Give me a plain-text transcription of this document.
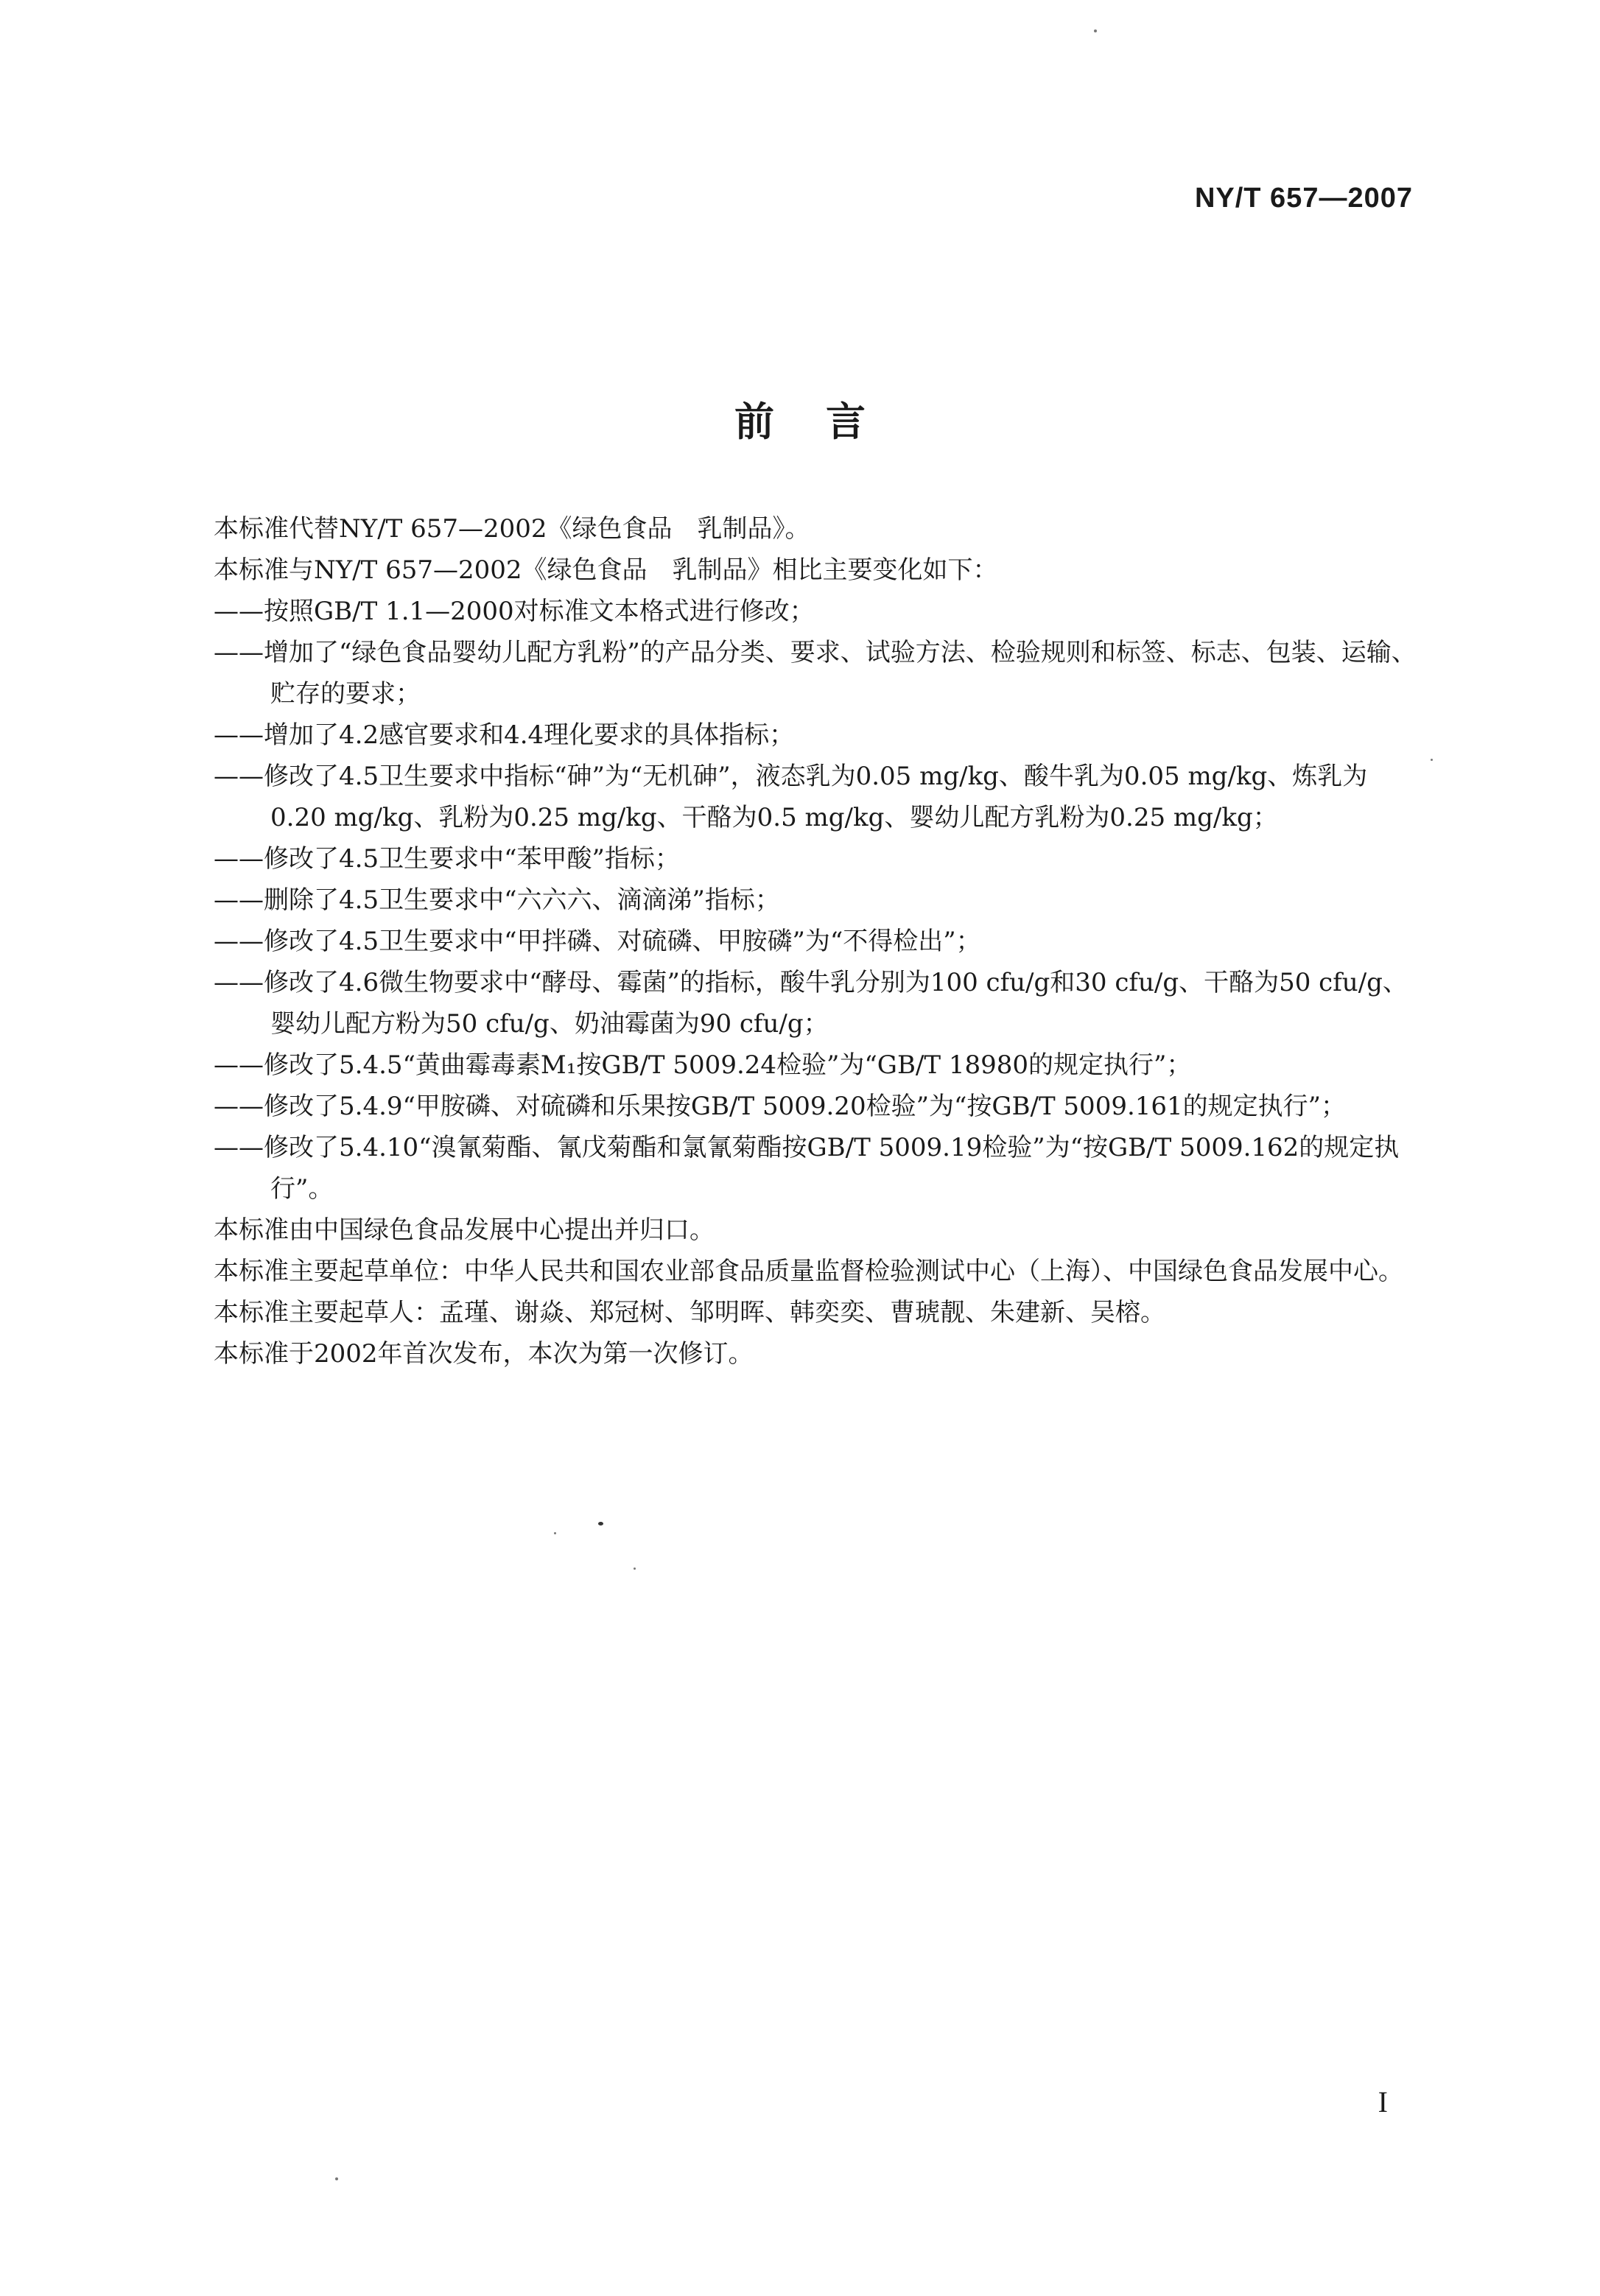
NY/T 657—2007
前言

本标准代替NY/T 657—2002《绿色食品　乳制品》。

本标准与NY/T 657—2002《绿色食品　乳制品》相比主要变化如下：

——按照GB/T 1.1—2000对标准文本格式进行修改；

——增加了“绿色食品婴幼儿配方乳粉”的产品分类、要求、试验方法、检验规则和标签、标志、包装、运输、贮存的要求；

——增加了4.2感官要求和4.4理化要求的具体指标；

——修改了4.5卫生要求中指标“砷”为“无机砷”，液态乳为0.05 mg/kg、酸牛乳为0.05 mg/kg、炼乳为0.20 mg/kg、乳粉为0.25 mg/kg、干酪为0.5 mg/kg、婴幼儿配方乳粉为0.25 mg/kg；

——修改了4.5卫生要求中“苯甲酸”指标；

——删除了4.5卫生要求中“六六六、滴滴涕”指标；

——修改了4.5卫生要求中“甲拌磷、对硫磷、甲胺磷”为“不得检出”；

——修改了4.6微生物要求中“酵母、霉菌”的指标，酸牛乳分别为100 cfu/g和30 cfu/g、干酪为50 cfu/g、婴幼儿配方粉为50 cfu/g、奶油霉菌为90 cfu/g；

——修改了5.4.5“黄曲霉毒素M₁按GB/T 5009.24检验”为“GB/T 18980的规定执行”；

——修改了5.4.9“甲胺磷、对硫磷和乐果按GB/T 5009.20检验”为“按GB/T 5009.161的规定执行”；

——修改了5.4.10“溴氰菊酯、氰戊菊酯和氯氰菊酯按GB/T 5009.19检验”为“按GB/T 5009.162的规定执行”。

本标准由中国绿色食品发展中心提出并归口。

本标准主要起草单位：中华人民共和国农业部食品质量监督检验测试中心（上海）、中国绿色食品发展中心。

本标准主要起草人：孟瑾、谢焱、郑冠树、邹明晖、韩奕奕、曹琥靓、朱建新、吴榕。

本标准于2002年首次发布，本次为第一次修订。

I
